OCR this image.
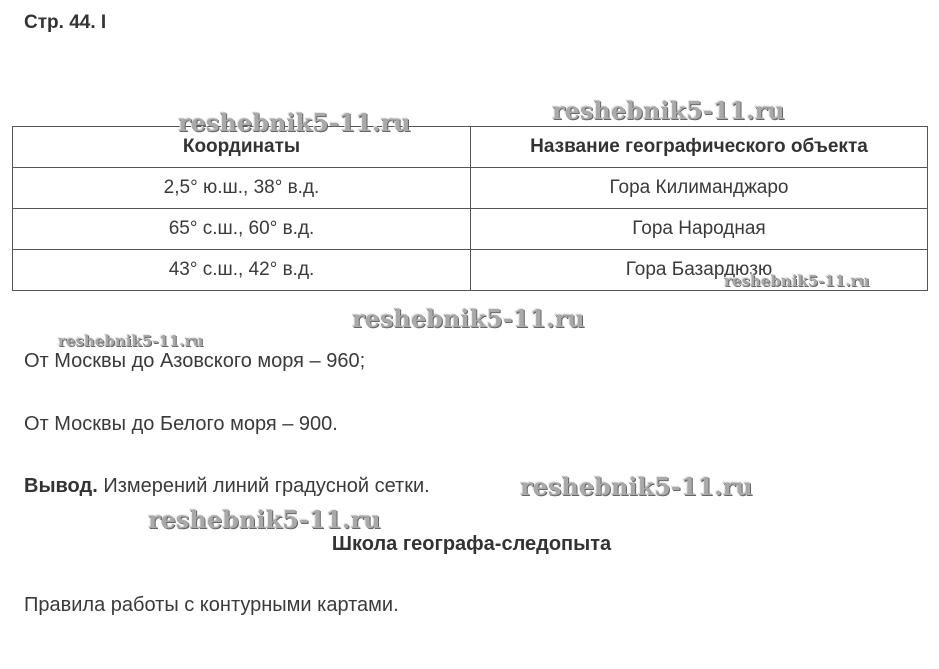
Стр. 44. I
Координаты	Название географического объекта
2,5° ю.ш., 38° в.д.	Гора Килиманджаро
65° с.ш., 60° в.д.	Гора Народная
43° с.ш., 42° в.д.	Гора Базардюзю
От Москвы до Азовского моря – 960;
От Москвы до Белого моря – 900.
Вывод. Измерений линий градусной сетки.
Школа географа-следопыта
Правила работы с контурными картами.
reshebnik5-11.ru	reshebnik5-11.ru
reshebnik5-11.ru
reshebnik5-11.ru
reshebnik5-11.ru
reshebnik5-11.ru
reshebnik5-11.ru
